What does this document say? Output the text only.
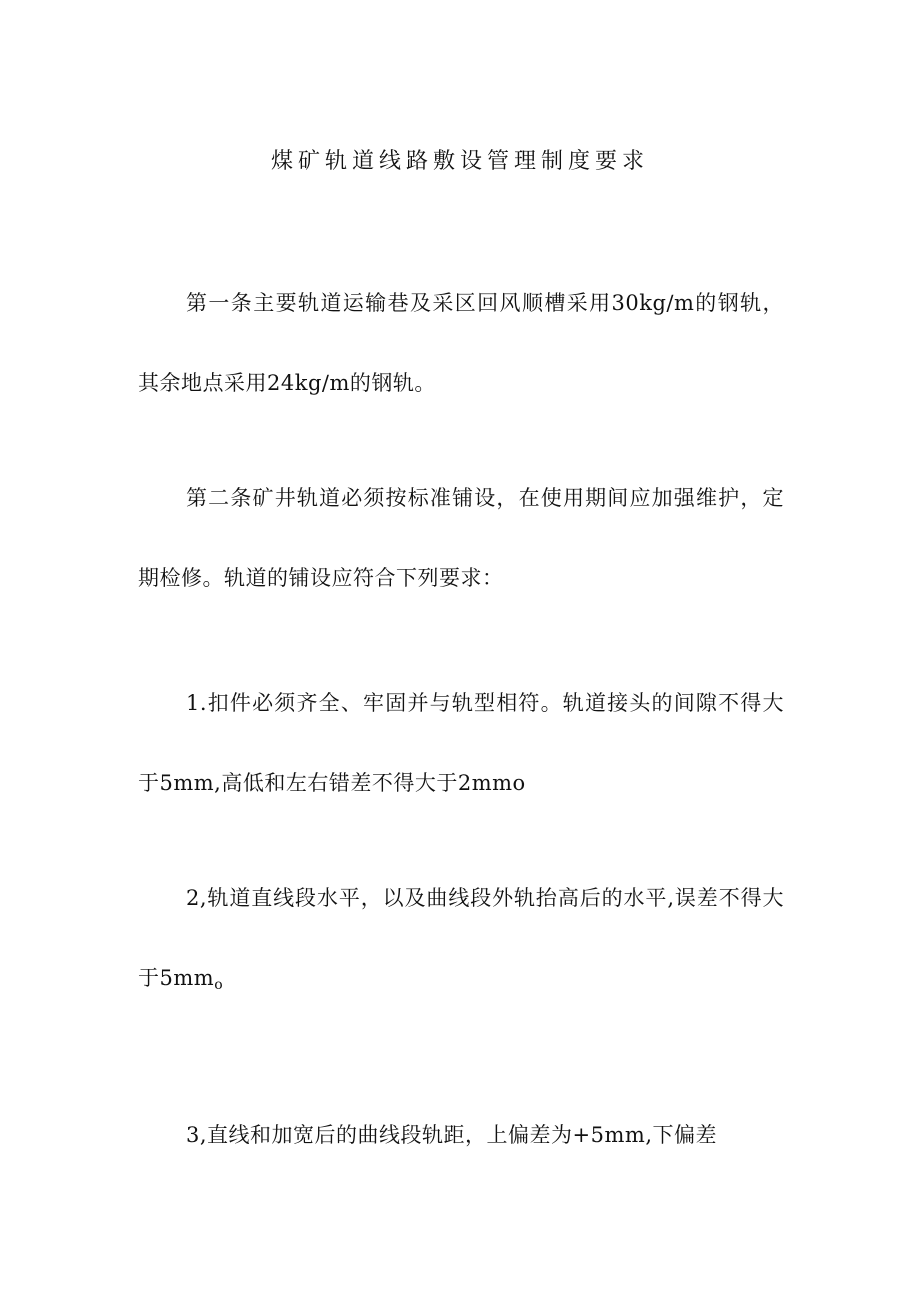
煤矿轨道线路敷设管理制度要求

第一条主要轨道运输巷及采区回风顺槽采用30kg∕m的钢轨，其余地点采用24kg∕m的钢轨。

第二条矿井轨道必须按标准铺设，在使用期间应加强维护，定期检修。轨道的铺设应符合下列要求：

1.扣件必须齐全、牢固并与轨型相符。轨道接头的间隙不得大于5mm,高低和左右错差不得大于2mmo

2,轨道直线段水平，以及曲线段外轨抬高后的水平,误差不得大于$5mm_o$

3,直线和加宽后的曲线段轨距，上偏差为+5mm,下偏差
